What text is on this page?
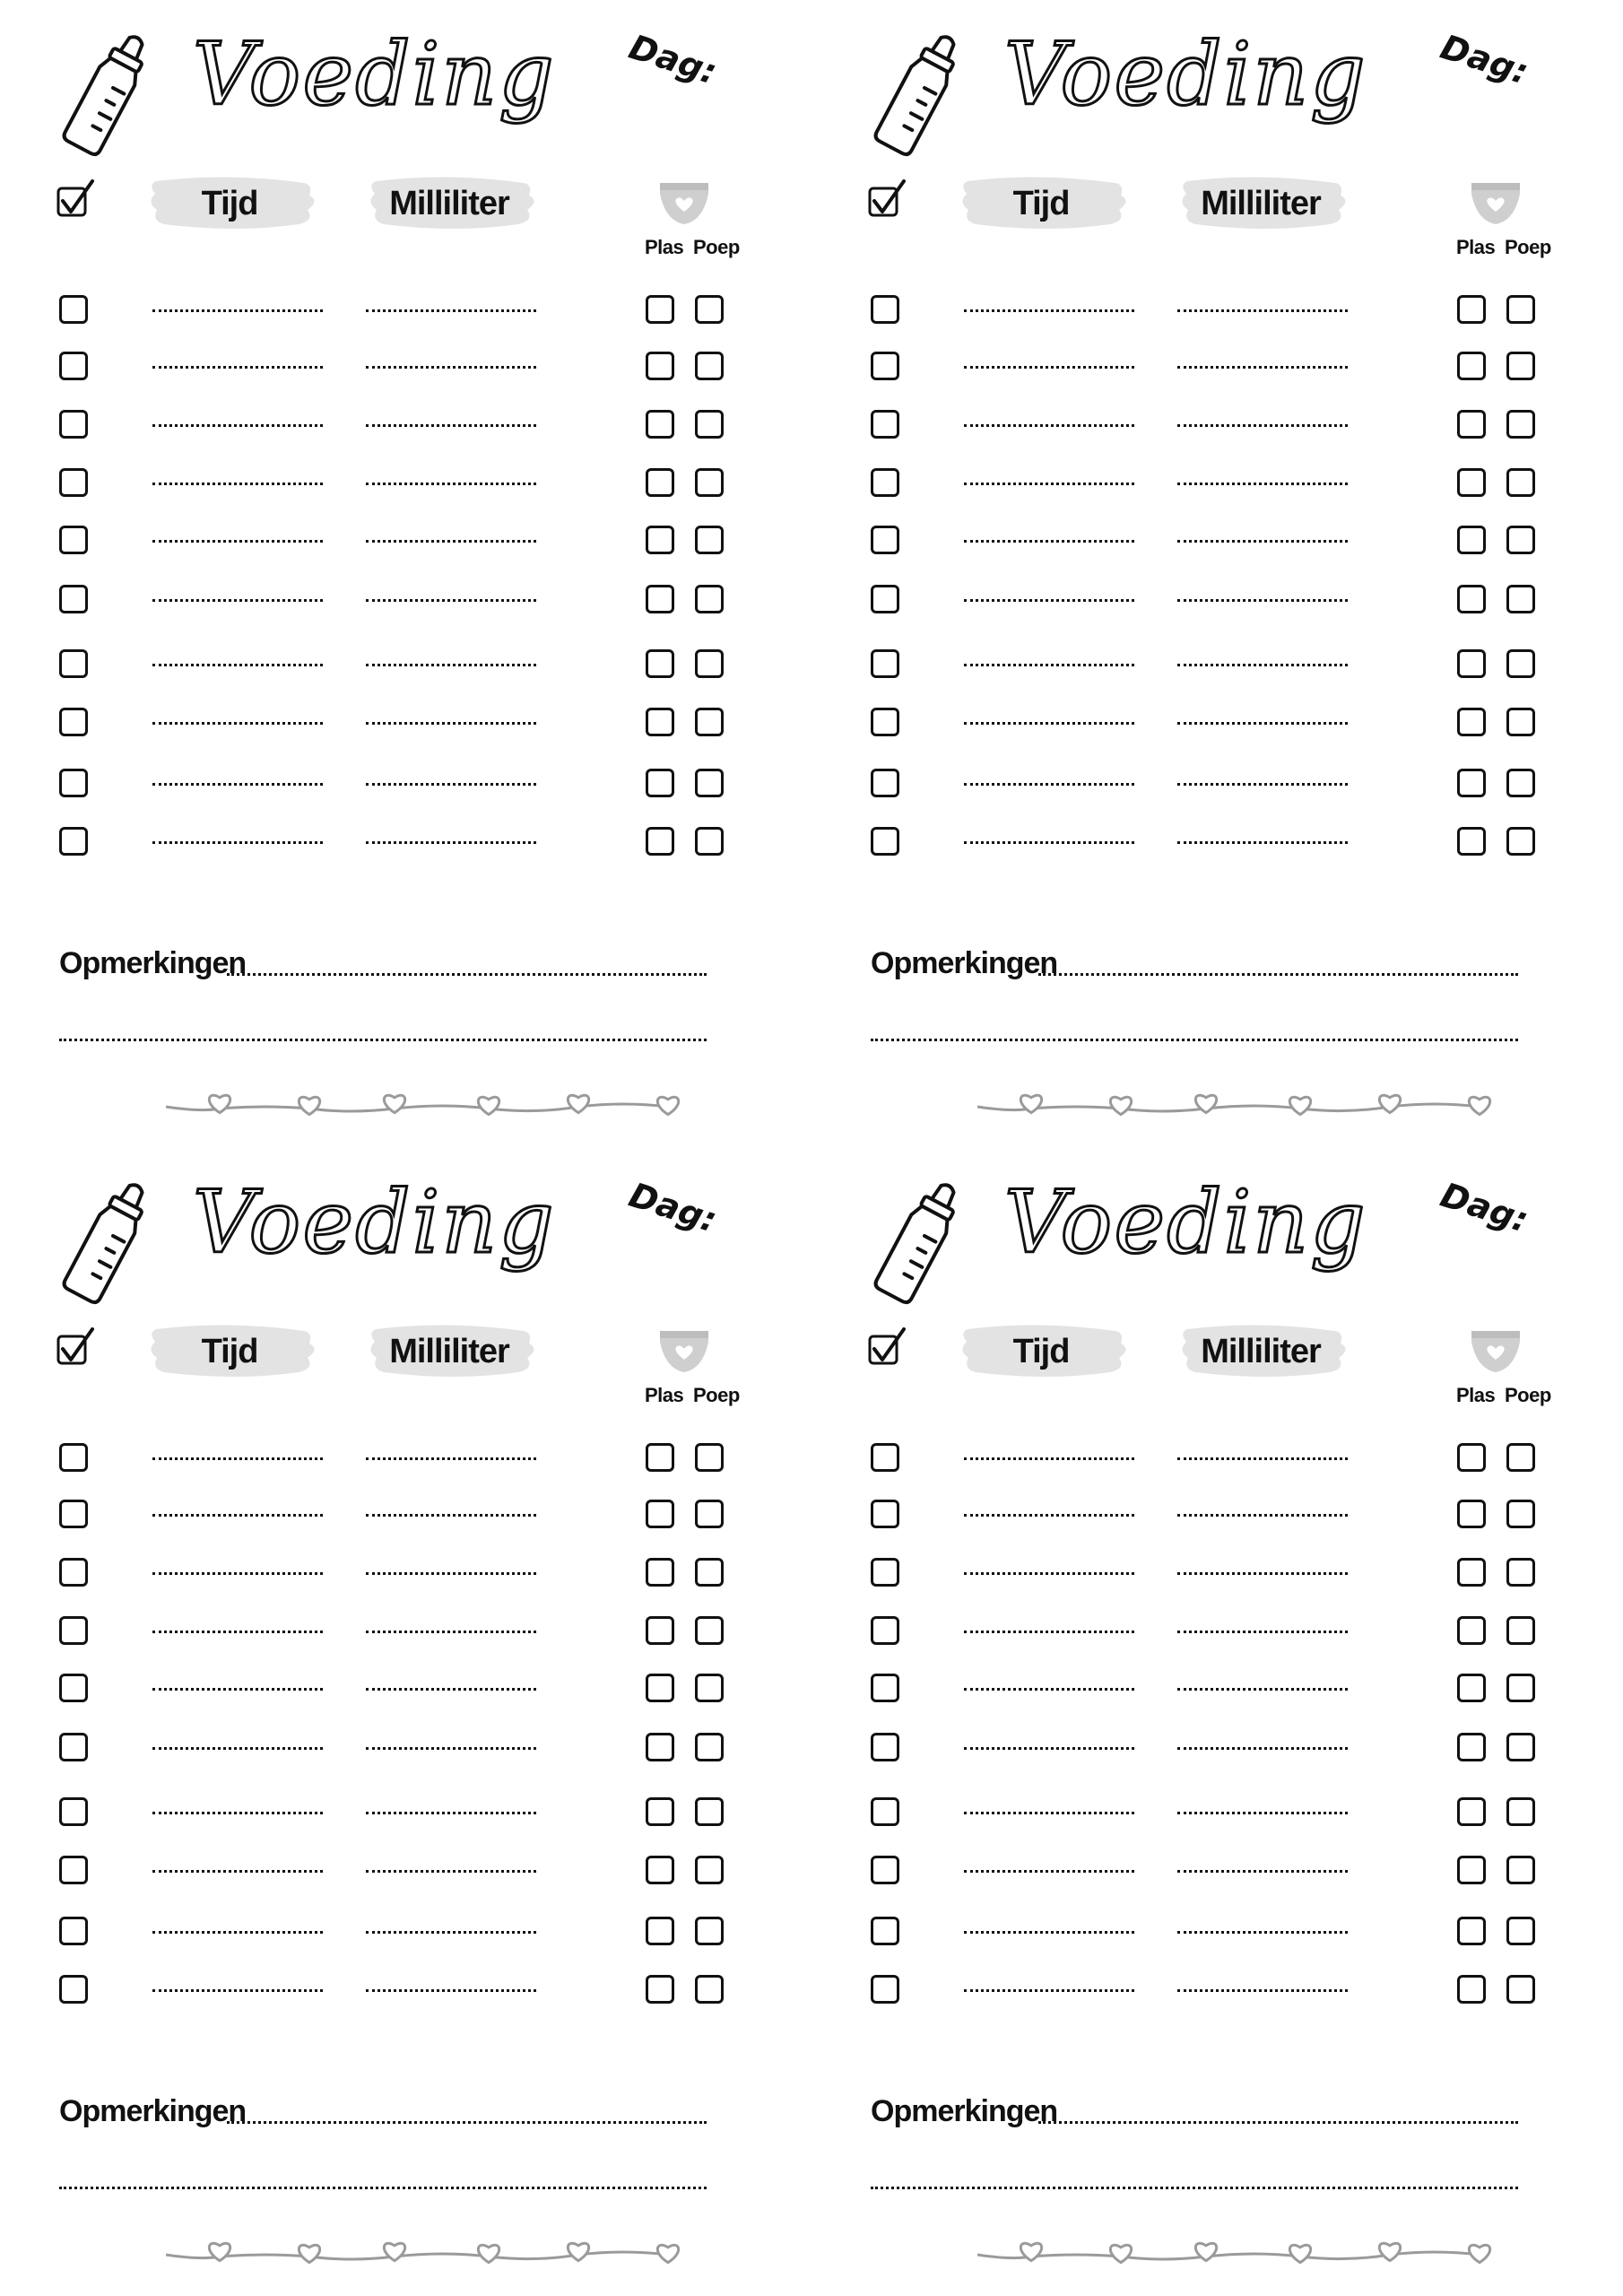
Voeding Dag:
Tijd	Milliliter
Plas Poep
Opmerkingen
Voeding Dag:
Tijd	Milliliter
Plas Poep
Opmerkingen
Voeding Dag:
Tijd	Milliliter
Plas Poep
Opmerkingen
Voeding Dag:
Tijd	Milliliter
Plas Poep
Opmerkingen
